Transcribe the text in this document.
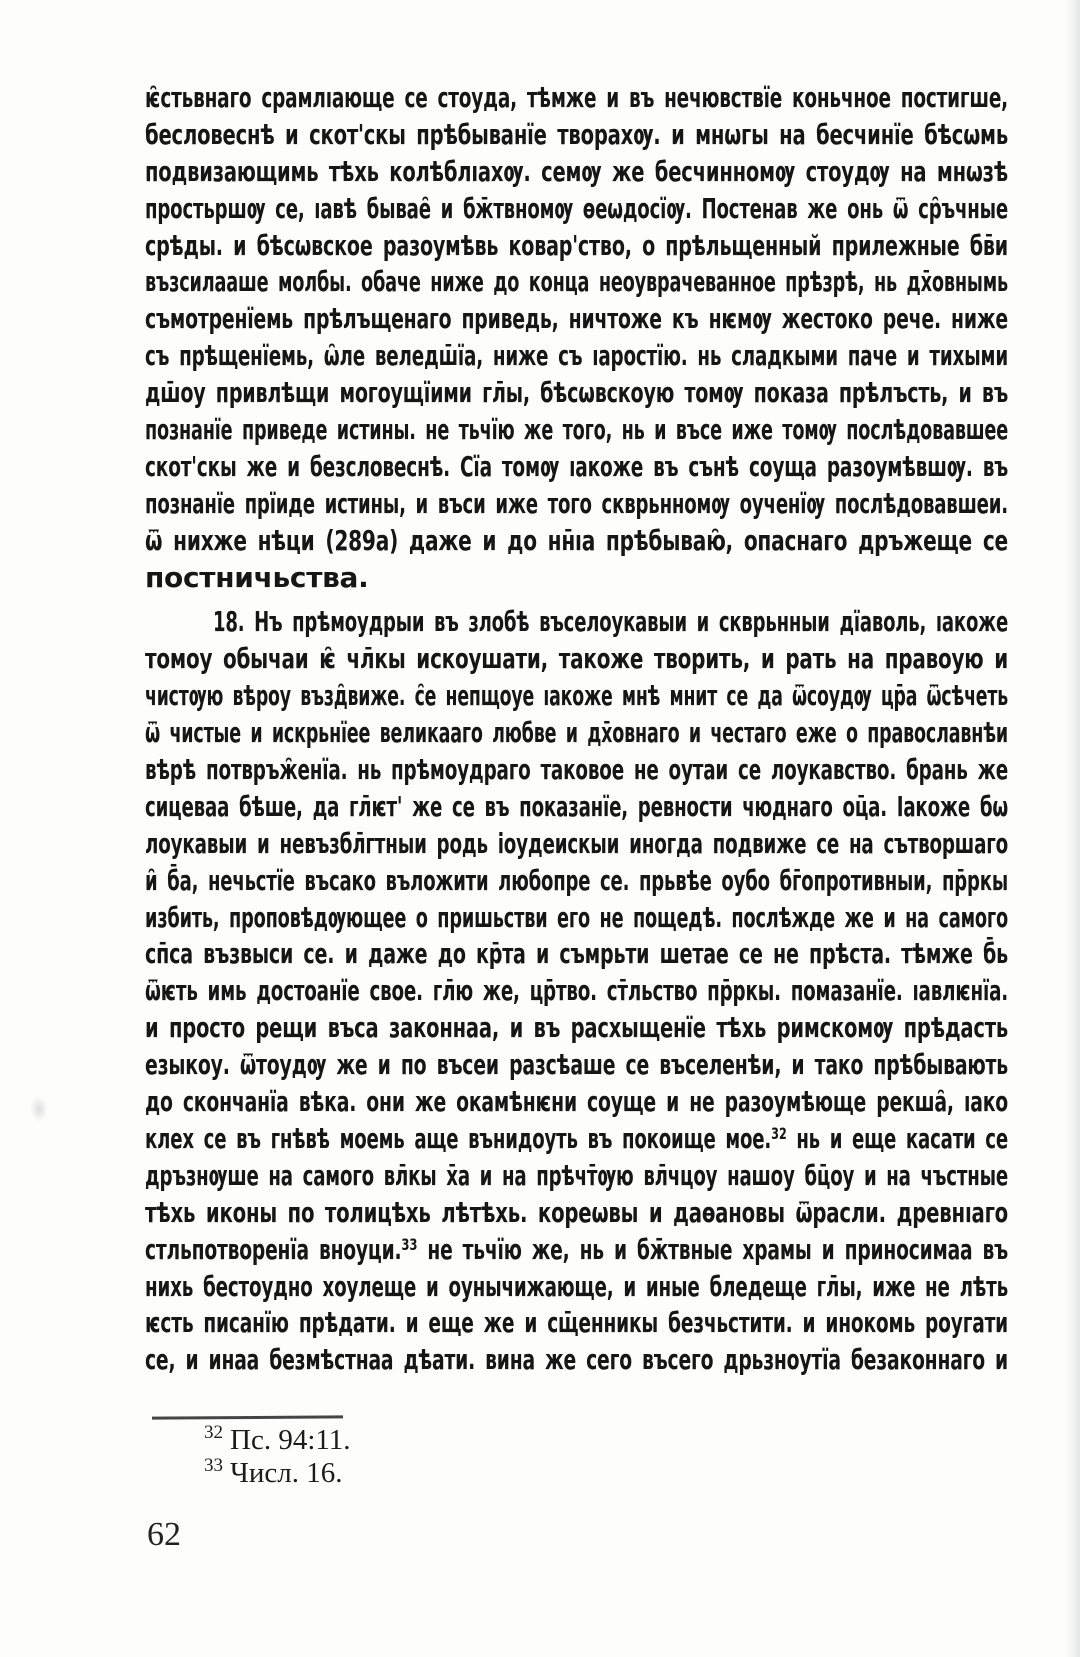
ѥ̑стьвнаго срамлıающе се стоуда, тѣмже и въ нечювствїе коньчное постигше,
бесловеснѣ и скот'скы прѣбыванїе творахѹ. и мнѡгы на бесчинїе бѣсѡмь
подвизающимь тѣхь колѣблıахѹ. семѹ же бесчинномѹ стоудѹ на мнѡзѣ
простьршѹ се, ıавѣ бывае̑ и бж̄твномѹ ѳеѡдосїѹ. Постенав же онь ѿ ср̑ъчные
срѣды. и бѣсѡвское разоумѣвь ковар'ство, о прѣльщенный прилежные бв̄и
възсилааше молбы. обаче ниже до конца неоуврачеванное прѣзрѣ, нь дх̄овнымь
съмотренїемь прѣлъщенаго приведь, ничтоже къ нѥмѹ жестоко рече. ниже
съ прѣщенїемь, ѡ̑ле веледш̄їа, ниже съ ıаростїю. нь сладкыми паче и тихыми
дш̄оу привлѣщи могоущїими гл̄ы, бѣсѡвскоую томѹ показа прѣлъсть, и въ
познанїе приведе истины. не тьчїю же того, нь и въсе иже томѹ послѣдовавшее
скот'скы же и безсловеснѣ. Сїа томѹ ıакоже въ сънѣ соуща разоумѣвшѹ. въ
познанїе прїиде истины, и въси иже того скврьнномѹ оученїѹ послѣдовавшеи.
ѿ нихже нѣци (289a) даже и до нн̄ıа прѣбываю̑, опаснаго дръжеще се
постничьства.
18. Нъ прѣмоудрыи въ злобѣ въселоукавыи и скврьнныи дїаволь, ıакоже
томоу обычаи ѥ̑ чл̄кы искоушати, такоже творить, и рать на правоую и
чистѹю вѣроу възд̑виже. с̑е непщоуе ıакоже мнѣ мнит се да ѿсоудѹ цр̄а ѿсѣчеть
ѿ чистые и искрьнїее великааго любве и дх̄овнаго и честаго еже о православнѣи
вѣрѣ потвръж̑енїа. нь прѣмоудраго таковое не оутаи се лоукавство. брань же
сицеваа бѣше, да гл̄ѥт' же се въ показанїе, ревности чюднаго оц̄а. Іакоже бѡ
лоукавыи и невъзбл̄гтныи родь іоудеискыи иногда подвиже се на сътворшаго
и̑ б̄а, нечьстїе въсако въложити любопре се. прьвѣе оубо бг̄опротивныи, пр̄ркы
избить, проповѣдѹющее о пришьстви его не пощедѣ. послѣжде же и на самого
сп̄са възвыси се. и даже до кр̄та и съмрьти шетае се не прѣста. тѣмже б̄ь
ѿѥть имь достоанїе свое. гл̄ю же, цр̄тво. ст̄льство пр̄ркы. помазанїе. ıавлѥнїа.
и просто рещи въса законнаа, и въ расхыщенїе тѣхь римскомѹ прѣдасть
езыкоу. ѿтоудѹ же и по въсеи разсѣаше се въселенѣи, и тако прѣбывають
до скончанїа вѣка. они же окамѣнѥни соуще и не разоумѣюще рекша̑, ıако
клех се въ гнѣвѣ моемь аще вънидоуть въ покоище мое.³² нь и еще касати се
дръзнѹше на самого вл̄кы х̄а и на прѣчт̄ѹю вл̄чцоу нашоу бц̄оу и на чъстные
тѣхь иконы по толицѣхь лѣтѣхь. кореѡвы и даѳановы ѿрасли. древнıаго
стльпотворенїа вноуци.³³ не тьчїю же, нь и бж̄твные храмы и приносимаа въ
нихь бестоудно хоулеще и оунычижающе, и иные бледеще гл̄ы, иже не лѣть
ѥсть писанїю прѣдати. и еще же и сщ̄енникы безчьстити. и инокомь роугати
се, и инаа безмѣстнаа дѣати. вина же сего въсего дрьзноутїа безаконнаго и
$^{32}$ Пс. 94:11.
$^{33}$ Числ. 16.
62
